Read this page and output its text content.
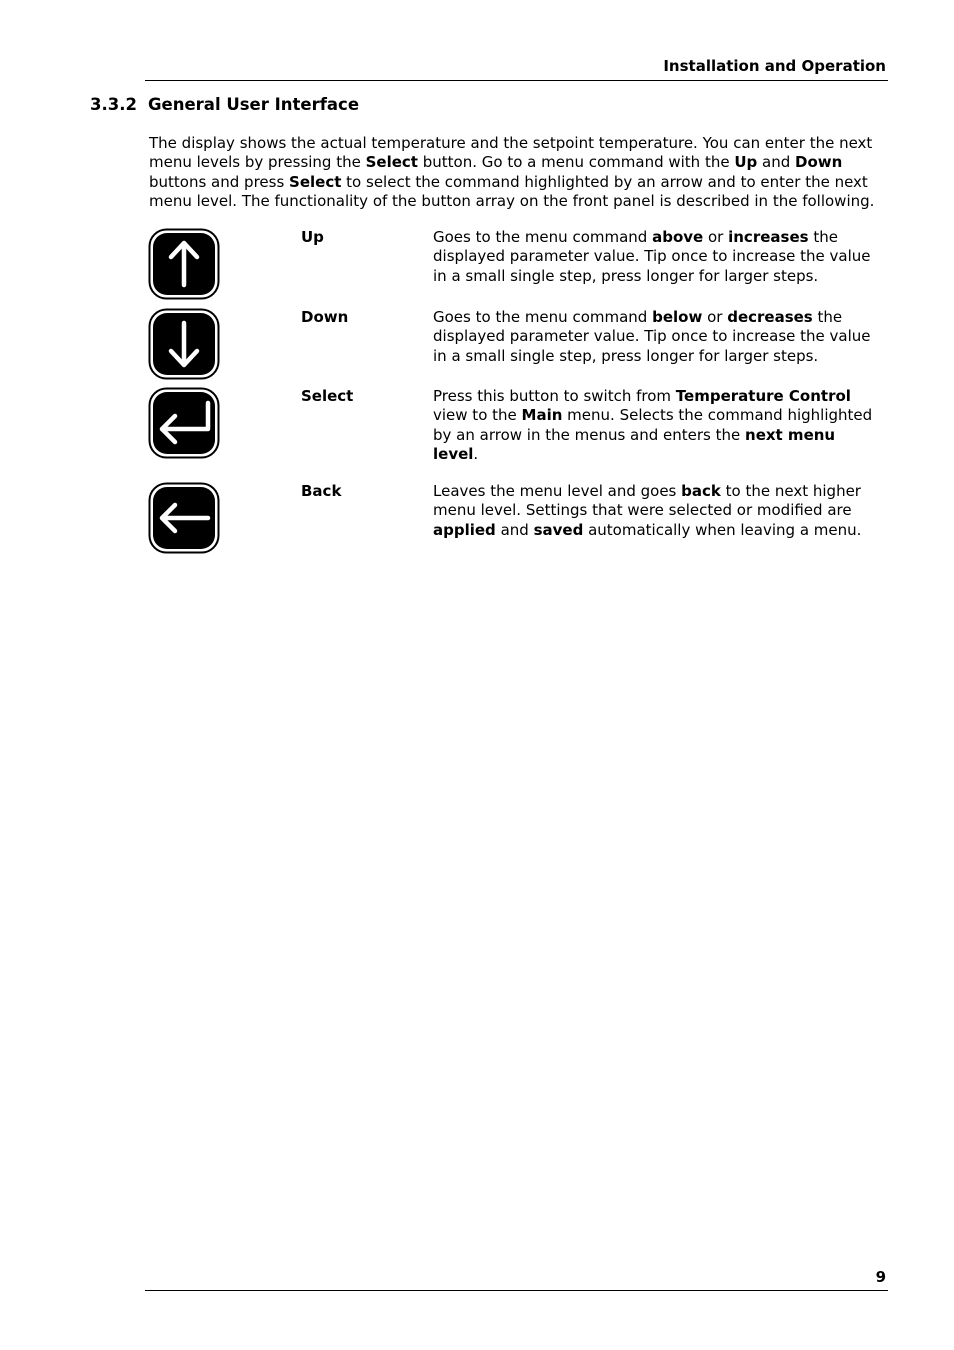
Installation and Operation
3.3.2 General User Interface

The display shows the actual temperature and the setpoint temperature. You can enter the next menu levels by pressing the Select button. Go to a menu command with the Up and Down buttons and press Select to select the command highlighted by an arrow and to enter the next menu level. The functionality of the button array on the front panel is described in the following.

Up	Goes to the menu command above or increases the displayed parameter value. Tip once to increase the value in a small single step, press longer for larger steps.

Down	Goes to the menu command below or decreases the displayed parameter value. Tip once to increase the value in a small single step, press longer for larger steps.

Select	Press this button to switch from Temperature Control view to the Main menu. Selects the command highlighted by an arrow in the menus and enters the next menu level.

Back	Leaves the menu level and goes back to the next higher menu level. Settings that were selected or modified are applied and saved automatically when leaving a menu.

9
